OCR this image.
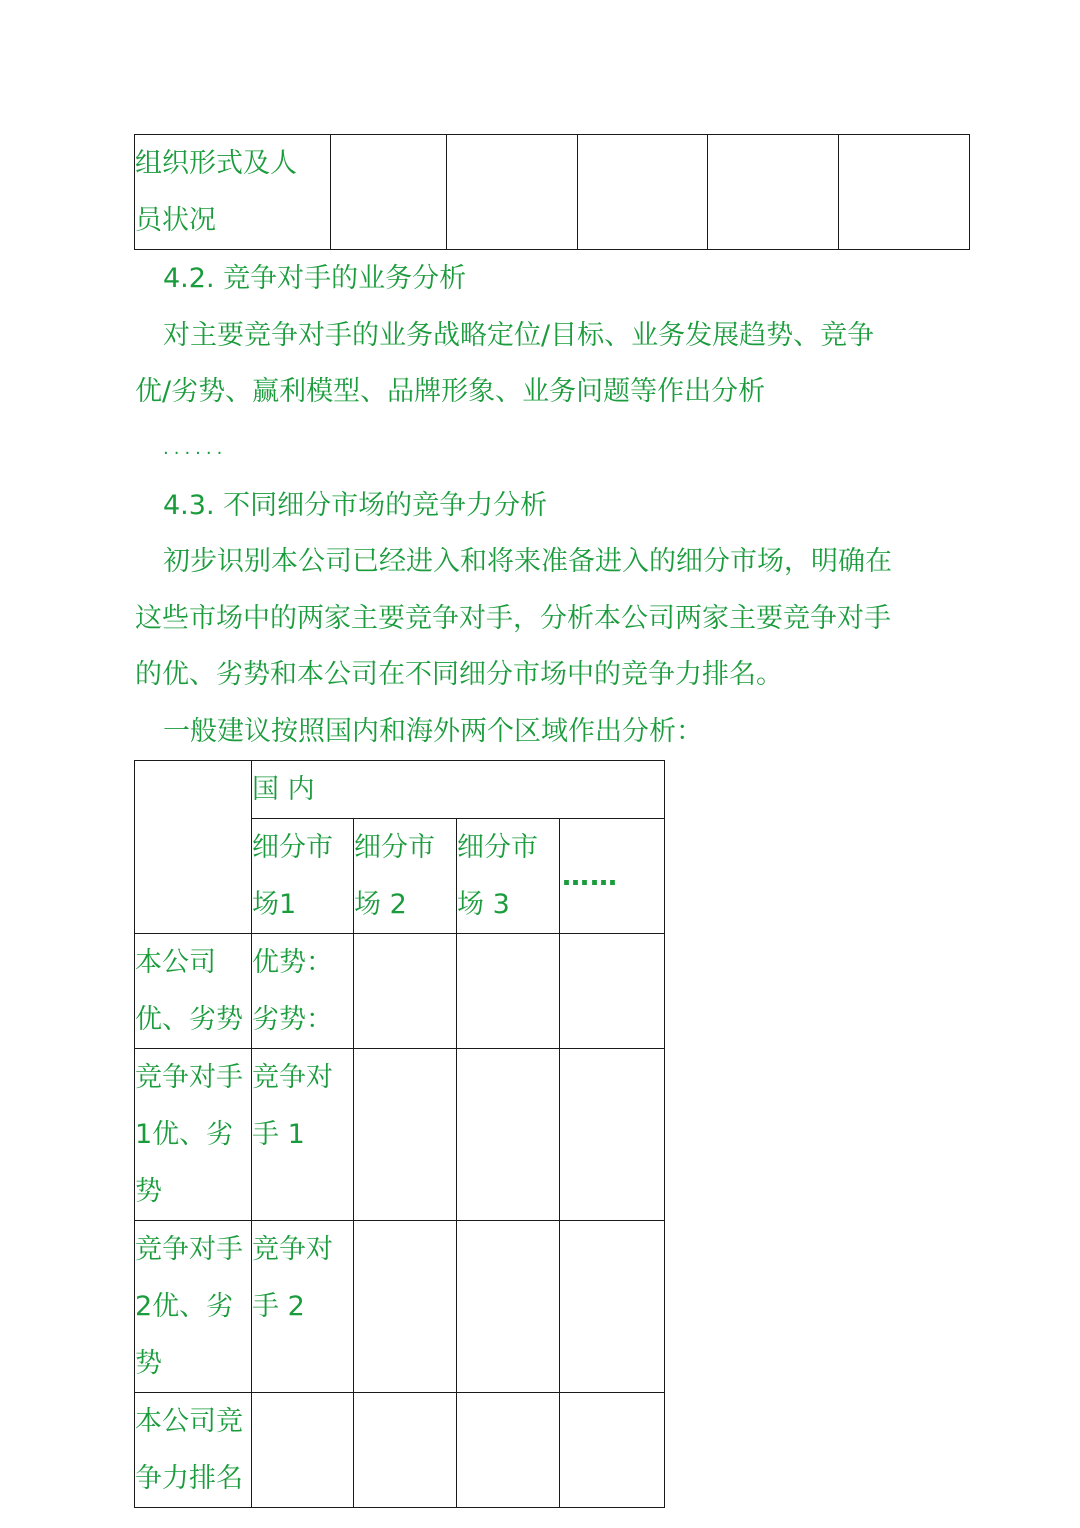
组织形式及人
员状况

4.2. 竞争对手的业务分析
对主要竞争对手的业务战略定位/目标、业务发展趋势、竞争
优/劣势、赢利模型、品牌形象、业务问题等作出分析
......
4.3. 不同细分市场的竞争力分析
初步识别本公司已经进入和将来准备进入的细分市场，明确在
这些市场中的两家主要竞争对手，分析本公司两家主要竞争对手
的优、劣势和本公司在不同细分市场中的竞争力排名。
一般建议按照国内和海外两个区域作出分析：

	国 内			

	细分市
场1	细分市
场 2	细分市
场 3	……

本公司
优、劣势	优势：
劣势：			

竞争对手
1优、劣势	竞争对
手 1			

竞争对手
2优、劣势	竞争对
手 2			

本公司竞
争力排名				
